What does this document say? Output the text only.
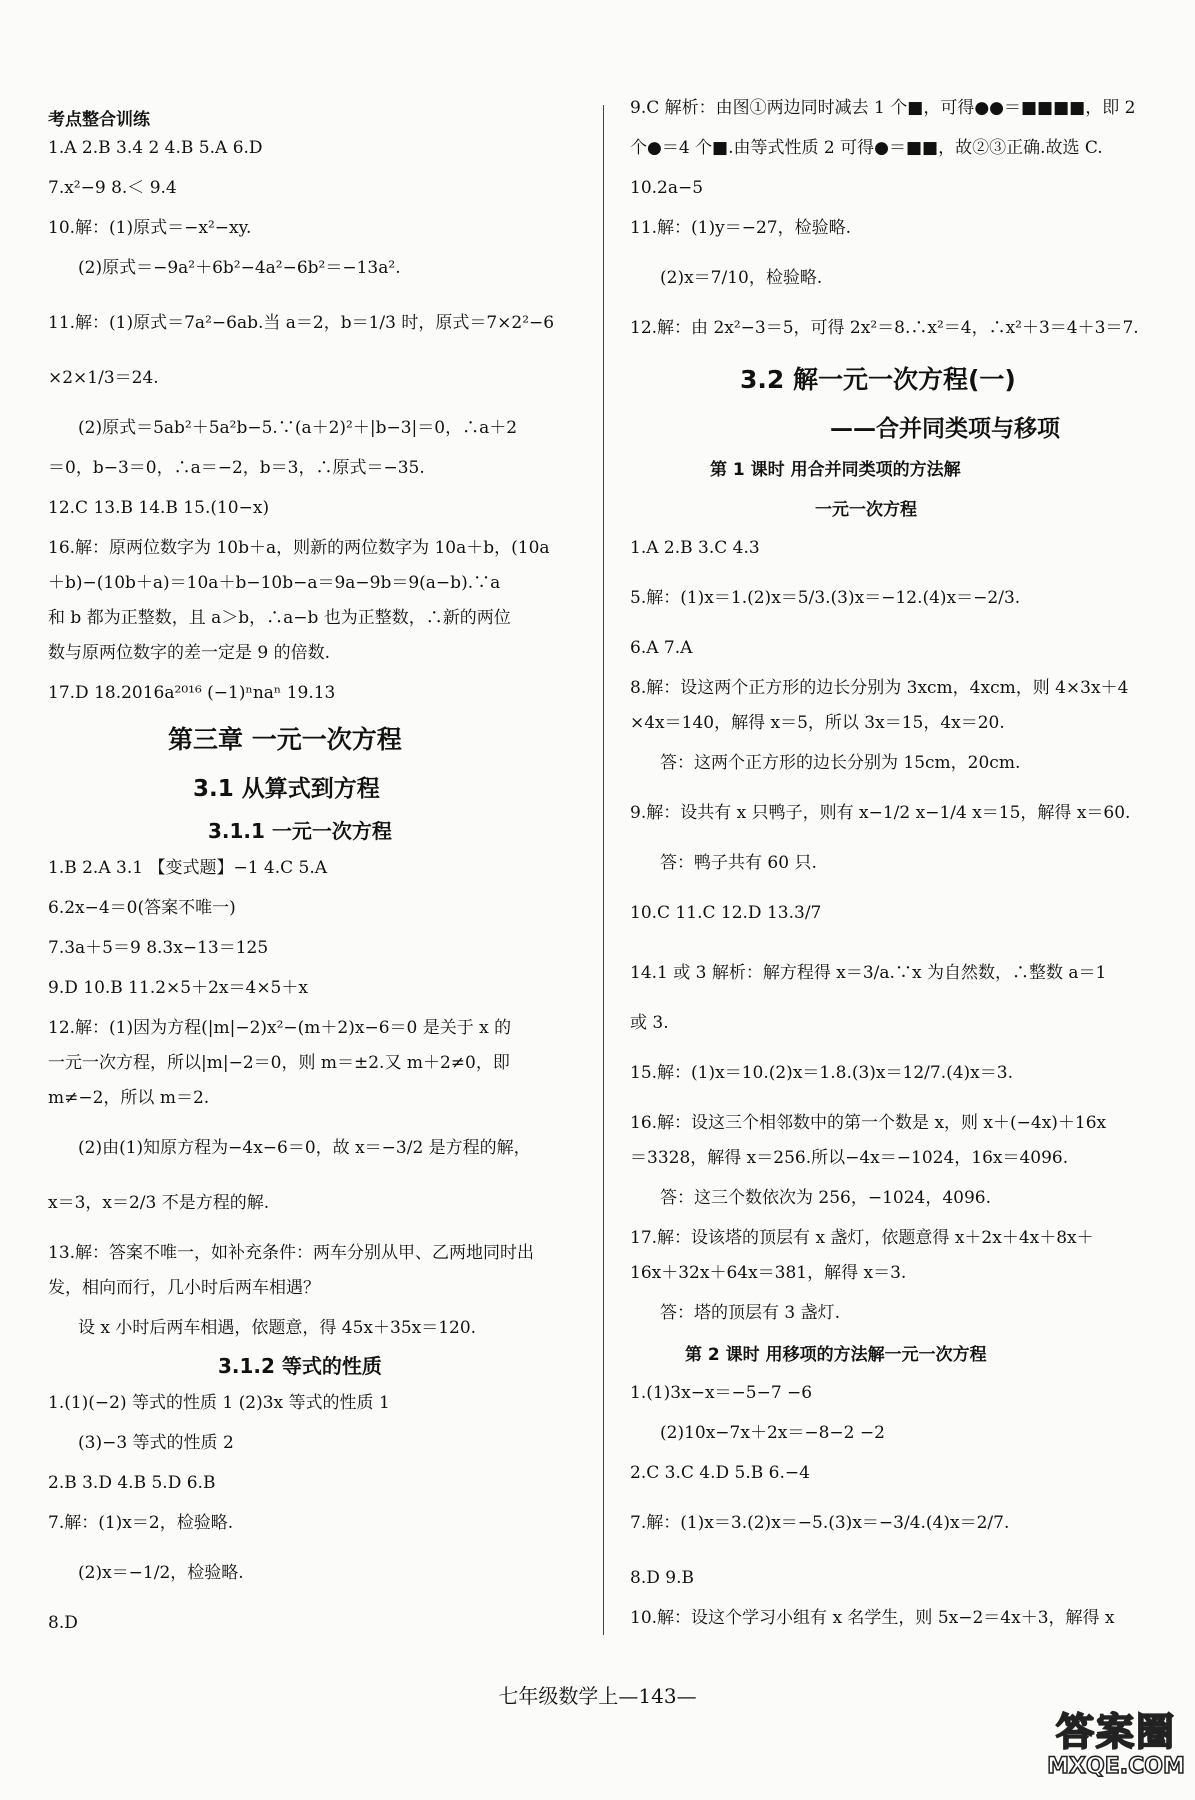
考点整合训练
1.A 2.B 3.4 2 4.B 5.A 6.D
7.x²−9 8.＜ 9.4
10.解：(1)原式＝−x²−xy.
(2)原式＝−9a²＋6b²−4a²−6b²＝−13a².
11.解：(1)原式＝7a²−6ab.当 a＝2，b＝1/3 时，原式＝7×2²−6
×2×1/3＝24.
(2)原式＝5ab²＋5a²b−5.∵(a＋2)²＋|b−3|＝0，∴a＋2
＝0，b−3＝0，∴a＝−2，b＝3，∴原式＝−35.
12.C 13.B 14.B 15.(10−x)
16.解：原两位数字为 10b＋a，则新的两位数字为 10a＋b，(10a
＋b)−(10b＋a)＝10a＋b−10b−a＝9a−9b＝9(a−b).∵a
和 b 都为正整数，且 a＞b，∴a−b 也为正整数，∴新的两位
数与原两位数字的差一定是 9 的倍数.
17.D 18.2016a²⁰¹⁶ (−1)ⁿnaⁿ 19.13
第三章 一元一次方程
3.1 从算式到方程
3.1.1 一元一次方程
1.B 2.A 3.1 【变式题】−1 4.C 5.A
6.2x−4＝0(答案不唯一)
7.3a＋5＝9 8.3x−13＝125
9.D 10.B 11.2×5＋2x＝4×5＋x
12.解：(1)因为方程(|m|−2)x²−(m＋2)x−6＝0 是关于 x 的
一元一次方程，所以|m|−2＝0，则 m＝±2.又 m＋2≠0，即
m≠−2，所以 m＝2.
(2)由(1)知原方程为−4x−6＝0，故 x＝−3/2 是方程的解，
x＝3，x＝2/3 不是方程的解.
13.解：答案不唯一，如补充条件：两车分别从甲、乙两地同时出
发，相向而行，几小时后两车相遇？
设 x 小时后两车相遇，依题意，得 45x＋35x＝120.
3.1.2 等式的性质
1.(1)(−2) 等式的性质 1 (2)3x 等式的性质 1
(3)−3 等式的性质 2
2.B 3.D 4.B 5.D 6.B
7.解：(1)x＝2，检验略.
(2)x＝−1/2，检验略.
8.D
9.C 解析：由图①两边同时减去 1 个■，可得●●＝■■■■，即 2
个●＝4 个■.由等式性质 2 可得●＝■■，故②③正确.故选 C.
10.2a−5
11.解：(1)y＝−27，检验略.
(2)x＝7/10，检验略.
12.解：由 2x²−3＝5，可得 2x²＝8.∴x²＝4，∴x²＋3＝4＋3＝7.
3.2 解一元一次方程(一)
——合并同类项与移项
第 1 课时 用合并同类项的方法解
一元一次方程
1.A 2.B 3.C 4.3
5.解：(1)x＝1.(2)x＝5/3.(3)x＝−12.(4)x＝−2/3.
6.A 7.A
8.解：设这两个正方形的边长分别为 3xcm，4xcm，则 4×3x＋4
×4x＝140，解得 x＝5，所以 3x＝15，4x＝20.
答：这两个正方形的边长分别为 15cm，20cm.
9.解：设共有 x 只鸭子，则有 x−1/2 x−1/4 x＝15，解得 x＝60.
答：鸭子共有 60 只.
10.C 11.C 12.D 13.3/7
14.1 或 3 解析：解方程得 x＝3/a.∵x 为自然数，∴整数 a＝1
或 3.
15.解：(1)x＝10.(2)x＝1.8.(3)x＝12/7.(4)x＝3.
16.解：设这三个相邻数中的第一个数是 x，则 x＋(−4x)＋16x
＝3328，解得 x＝256.所以−4x＝−1024，16x＝4096.
答：这三个数依次为 256，−1024，4096.
17.解：设该塔的顶层有 x 盏灯，依题意得 x＋2x＋4x＋8x＋
16x＋32x＋64x＝381，解得 x＝3.
答：塔的顶层有 3 盏灯.
第 2 课时 用移项的方法解一元一次方程
1.(1)3x−x＝−5−7 −6
(2)10x−7x＋2x＝−8−2 −2
2.C 3.C 4.D 5.B 6.−4
7.解：(1)x＝3.(2)x＝−5.(3)x＝−3/4.(4)x＝2/7.
8.D 9.B
10.解：设这个学习小组有 x 名学生，则 5x−2＝4x＋3，解得 x
七年级数学上—143—
答案圈
MXQE.COM
